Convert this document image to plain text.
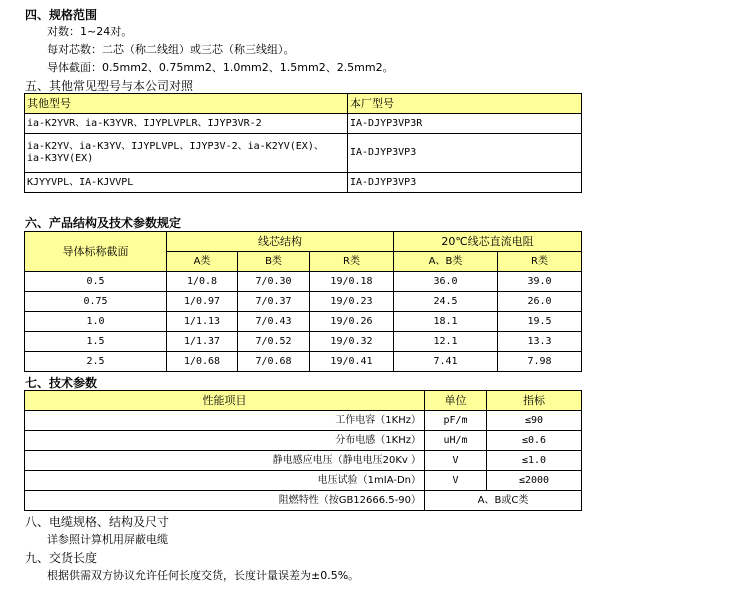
四、规格范围
对数：1~24对。
每对芯数：二芯（称二线组）或三芯（称三线组）。
导体截面：0.5mm2、0.75mm2、1.0mm2、1.5mm2、2.5mm2。
五、其他常见型号与本公司对照
其他型号	本厂型号
ia-K2YVR、ia-K3YVR、IJYPLVPLR、IJYP3VR-2	IA-DJYP3VP3R
ia-K2YV、ia-K3YV、IJYPLVPL、IJYP3V-2、ia-K2YV(EX)、
ia-K3YV(EX)	IA-DJYP3VP3
KJYYVPL、IA-KJVVPL	IA-DJYP3VP3
六、产品结构及技术参数规定
导体标称截面	线芯结构			20℃线芯直流电阻	
	A类	B类	R类	A、B类	R类
0.5	1/0.8	7/0.30	19/0.18	36.0	39.0
0.75	1/0.97	7/0.37	19/0.23	24.5	26.0
1.0	1/1.13	7/0.43	19/0.26	18.1	19.5
1.5	1/1.37	7/0.52	19/0.32	12.1	13.3
2.5	1/0.68	7/0.68	19/0.41	7.41	7.98
七、技术参数
性能项目	单位	指标
工作电容（1KHz）	pF/m	≤90
分布电感（1KHz）	uH/m	≤0.6
静电感应电压（静电电压20Kv ）	V	≤1.0
电压试验（1mIA-Dn）	V	≤2000
阻燃特性（按GB12666.5-90）	A、B或C类	
八、电缆规格、结构及尺寸
详参照计算机用屏蔽电缆
九、交货长度
根据供需双方协议允许任何长度交货，长度计量误差为±0.5%。
